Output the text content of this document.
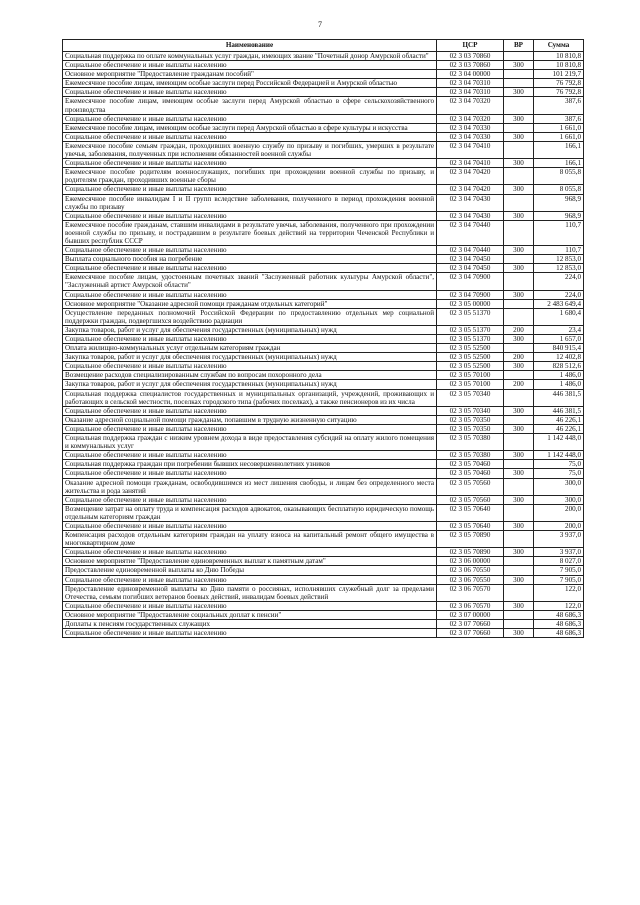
7
Наименование	ЦСР	ВР	Сумма
Социальная поддержка по оплате коммунальных услуг граждан, имеющих звание "Почетный донор Амурской области"	02 3 03 70860		10 810,8
Социальное обеспечение и иные выплаты населению	02 3 03 70860	300	10 810,8
Основное мероприятие "Предоставление гражданам пособий"	02 3 04 00000		101 219,7
Ежемесячное пособие лицам, имеющим особые заслуги перед Российской Федерацией и Амурской областью	02 3 04 70310		76 792,8
Социальное обеспечение и иные выплаты населению	02 3 04 70310	300	76 792,8
Ежемесячное пособие лицам, имеющим особые заслуги перед Амурской областью в сфере сельскохозяйственного производства	02 3 04 70320		387,6
Социальное обеспечение и иные выплаты населению	02 3 04 70320	300	387,6
Ежемесячное пособие лицам, имеющим особые заслуги перед Амурской областью в сфере культуры и искусства	02 3 04 70330		1 661,0
Социальное обеспечение и иные выплаты населению	02 3 04 70330	300	1 661,0
Ежемесячное пособие семьям граждан, проходивших военную службу по призыву и погибших, умерших в результате увечья, заболевания, полученных при исполнении обязанностей военной службы	02 3 04 70410		166,1
Социальное обеспечение и иные выплаты населению	02 3 04 70410	300	166,1
Ежемесячное пособие родителям военнослужащих, погибших при прохождении военной службы по призыву, и родителям граждан, проходивших военные сборы	02 3 04 70420		8 055,8
Социальное обеспечение и иные выплаты населению	02 3 04 70420	300	8 055,8
Ежемесячное пособие инвалидам I и II групп вследствие заболевания, полученного в период прохождения военной службы по призыву	02 3 04 70430		968,9
Социальное обеспечение и иные выплаты населению	02 3 04 70430	300	968,9
Ежемесячное пособие гражданам, ставшим инвалидами в результате увечья, заболевания, полученного при прохождении военной службы по призыву, и пострадавшим в результате боевых действий на территории Чеченской Республики и бывших республик СССР	02 3 04 70440		110,7
Социальное обеспечение и иные выплаты населению	02 3 04 70440	300	110,7
Выплата социального пособия на погребение	02 3 04 70450		12 853,0
Социальное обеспечение и иные выплаты населению	02 3 04 70450	300	12 853,0
Ежемесячное пособие лицам, удостоенным почетных званий "Заслуженный работник культуры Амурской области", "Заслуженный артист Амурской области"	02 3 04 70900		224,0
Социальное обеспечение и иные выплаты населению	02 3 04 70900	300	224,0
Основное мероприятие "Оказание адресной помощи гражданам отдельных категорий"	02 3 05 00000		2 483 649,4
Осуществление переданных полномочий Российской Федерации по предоставлению отдельных мер социальной поддержки граждан, подвергшихся воздействию радиации	02 3 05 51370		1 680,4
Закупка товаров, работ и услуг для обеспечения государственных (муниципальных) нужд	02 3 05 51370	200	23,4
Социальное обеспечение и иные выплаты населению	02 3 05 51370	300	1 657,0
Оплата жилищно-коммунальных услуг отдельным категориям граждан	02 3 05 52500		840 915,4
Закупка товаров, работ и услуг для обеспечения государственных (муниципальных) нужд	02 3 05 52500	200	12 402,8
Социальное обеспечение и иные выплаты населению	02 3 05 52500	300	828 512,6
Возмещение расходов специализированным службам по вопросам похоронного дела	02 3 05 70100		1 486,0
Закупка товаров, работ и услуг для обеспечения государственных (муниципальных) нужд	02 3 05 70100	200	1 486,0
Социальная поддержка специалистов государственных и муниципальных организаций, учреждений, проживающих и работающих в сельской местности, поселках городского типа (рабочих поселках), а также пенсионеров из их числа	02 3 05 70340		446 381,5
Социальное обеспечение и иные выплаты населению	02 3 05 70340	300	446 381,5
Оказание адресной социальной помощи гражданам, попавшим в трудную жизненную ситуацию	02 3 05 70350		46 226,1
Социальное обеспечение и иные выплаты населению	02 3 05 70350	300	46 226,1
Социальная поддержка граждан с низким уровнем дохода в виде предоставления субсидий на оплату жилого помещения и коммунальных услуг	02 3 05 70380		1 142 448,0
Социальное обеспечение и иные выплаты населению	02 3 05 70380	300	1 142 448,0
Социальная поддержка граждан при погребении бывших несовершеннолетних узников	02 3 05 70460		75,0
Социальное обеспечение и иные выплаты населению	02 3 05 70460	300	75,0
Оказание адресной помощи гражданам, освободившимся из мест лишения свободы, и лицам без определенного места жительства и рода занятий	02 3 05 70560		300,0
Социальное обеспечение и иные выплаты населению	02 3 05 70560	300	300,0
Возмещение затрат на оплату труда и компенсация расходов адвокатов, оказывающих бесплатную юридическую помощь отдельным категориям граждан	02 3 05 70640		200,0
Социальное обеспечение и иные выплаты населению	02 3 05 70640	300	200,0
Компенсация расходов отдельным категориям граждан на уплату взноса на капитальный ремонт общего имущества в многоквартирном доме	02 3 05 70890		3 937,0
Социальное обеспечение и иные выплаты населению	02 3 05 70890	300	3 937,0
Основное мероприятие "Предоставление единовременных выплат к памятным датам"	02 3 06 00000		8 027,0
Предоставление единовременной выплаты ко Дню Победы	02 3 06 70550		7 905,0
Социальное обеспечение и иные выплаты населению	02 3 06 70550	300	7 905,0
Предоставление единовременной выплаты ко Дню памяти о россиянах, исполнявших служебный долг за пределами Отечества, семьям погибших ветеранов боевых действий, инвалидам боевых действий	02 3 06 70570		122,0
Социальное обеспечение и иные выплаты населению	02 3 06 70570	300	122,0
Основное мероприятие "Предоставление социальных доплат к пенсии"	02 3 07 00000		48 686,3
Доплаты к пенсиям государственных служащих	02 3 07 70660		48 686,3
Социальное обеспечение и иные выплаты населению	02 3 07 70660	300	48 686,3
